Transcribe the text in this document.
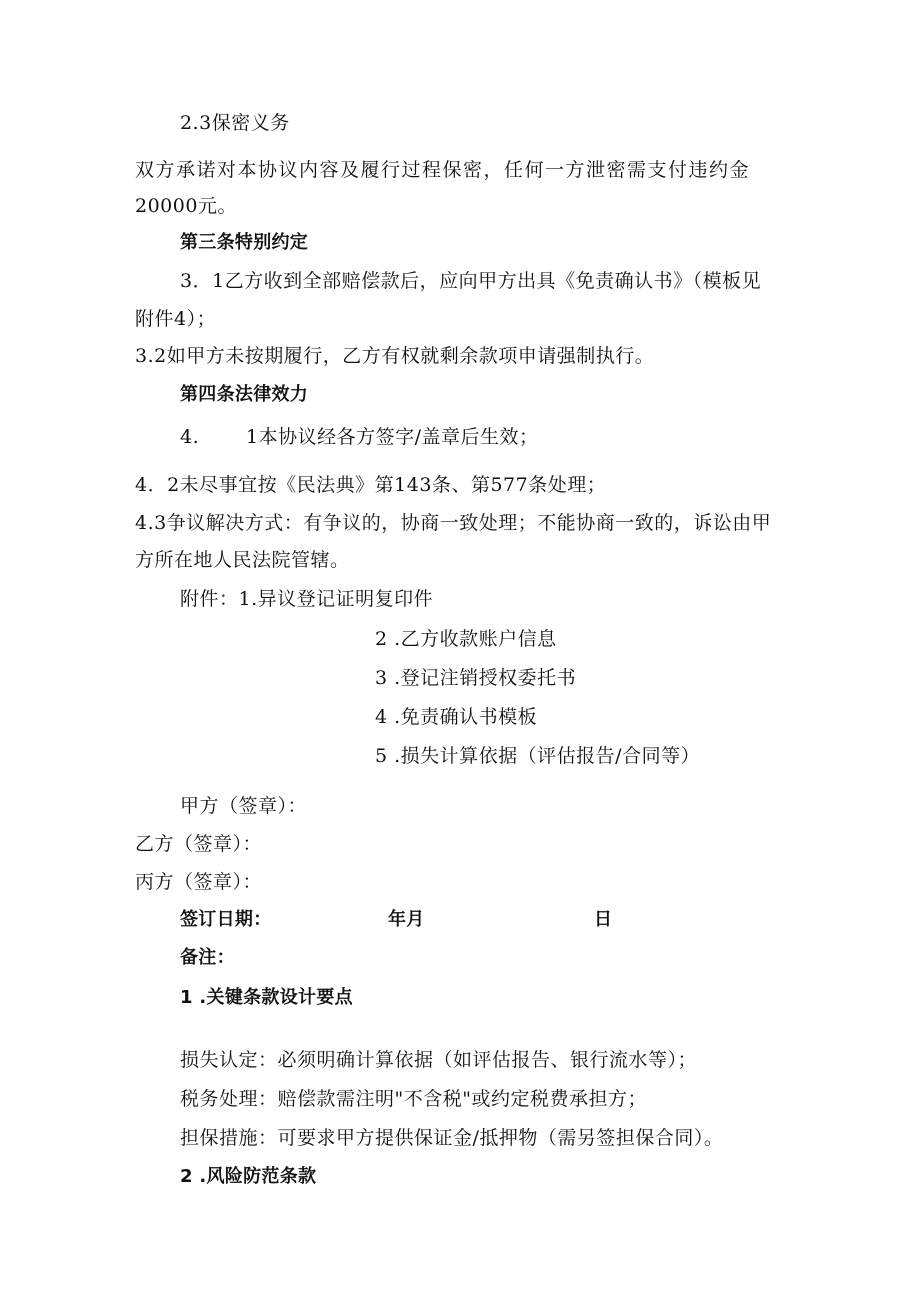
2.3保密义务
双方承诺对本协议内容及履行过程保密，任何一方泄密需支付违约金
20000元。
第三条特别约定
3．1乙方收到全部赔偿款后，应向甲方出具《免责确认书》（模板见
附件4）；
3.2如甲方未按期履行，乙方有权就剩余款项申请强制执行。
第四条法律效力
4. 1本协议经各方签字/盖章后生效；
4．2未尽事宜按《民法典》第143条、第577条处理；
4.3争议解决方式：有争议的，协商一致处理；不能协商一致的，诉讼由甲
方所在地人民法院管辖。
附件：1.异议登记证明复印件
2 .乙方收款账户信息
3 .登记注销授权委托书
4 .免责确认书模板
5 .损失计算依据（评估报告/合同等）
甲方（签章）：
乙方（签章）：
丙方（签章）：
签订日期：	年月	日
备注：
1 .关键条款设计要点
损失认定：必须明确计算依据（如评估报告、银行流水等）；
税务处理：赔偿款需注明"不含税"或约定税费承担方；
担保措施：可要求甲方提供保证金/抵押物（需另签担保合同）。
2 .风险防范条款
